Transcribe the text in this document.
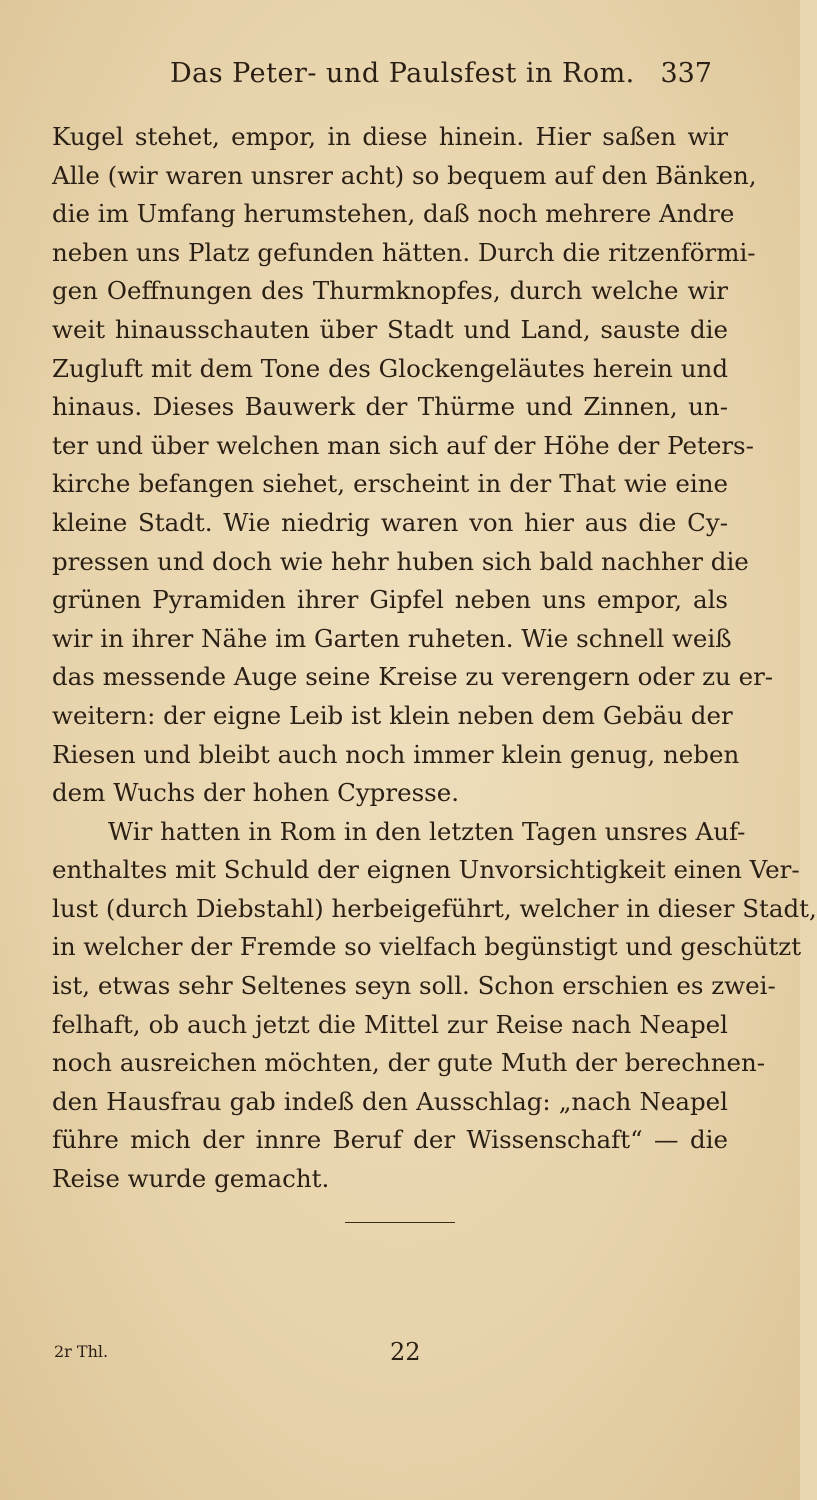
Das Peter- und Paulsfest in Rom. 337
Kugel stehet, empor, in diese hinein. Hier saßen wir
Alle (wir waren unsrer acht) so bequem auf den Bänken,
die im Umfang herumstehen, daß noch mehrere Andre
neben uns Platz gefunden hätten. Durch die ritzenförmi-
gen Oeffnungen des Thurmknopfes, durch welche wir
weit hinausschauten über Stadt und Land, sauste die
Zugluft mit dem Tone des Glockengeläutes herein und
hinaus. Dieses Bauwerk der Thürme und Zinnen, un-
ter und über welchen man sich auf der Höhe der Peters-
kirche befangen siehet, erscheint in der That wie eine
kleine Stadt. Wie niedrig waren von hier aus die Cy-
pressen und doch wie hehr huben sich bald nachher die
grünen Pyramiden ihrer Gipfel neben uns empor, als
wir in ihrer Nähe im Garten ruheten. Wie schnell weiß
das messende Auge seine Kreise zu verengern oder zu er-
weitern: der eigne Leib ist klein neben dem Gebäu der
Riesen und bleibt auch noch immer klein genug, neben
dem Wuchs der hohen Cypresse.
Wir hatten in Rom in den letzten Tagen unsres Auf-
enthaltes mit Schuld der eignen Unvorsichtigkeit einen Ver-
lust (durch Diebstahl) herbeigeführt, welcher in dieser Stadt,
in welcher der Fremde so vielfach begünstigt und geschützt
ist, etwas sehr Seltenes seyn soll. Schon erschien es zwei-
felhaft, ob auch jetzt die Mittel zur Reise nach Neapel
noch ausreichen möchten, der gute Muth der berechnen-
den Hausfrau gab indeß den Ausschlag: „nach Neapel
führe mich der innre Beruf der Wissenschaft“ — die
Reise wurde gemacht.
2r Thl.	22
